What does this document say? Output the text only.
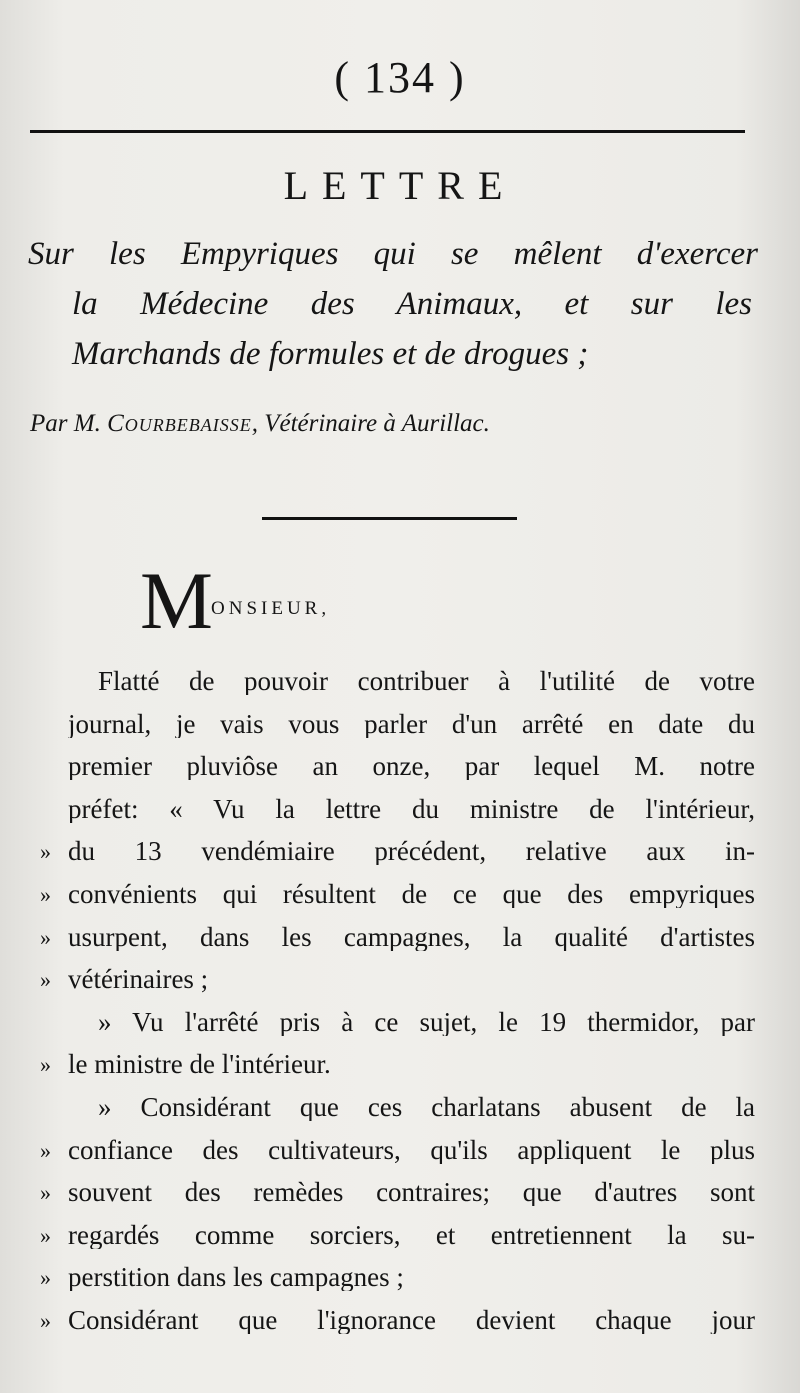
( 134 )
LETTRE
Sur les Empyriques qui se mêlent d'exercer
la Médecine des Animaux, et sur les
Marchands de formules et de drogues ;
Par M. Courbebaisse, Vétérinaire à Aurillac.
M
ONSIEUR,
Flatté de pouvoir contribuer à l'utilité de votre
journal, je vais vous parler d'un arrêté en date du
premier pluviôse an onze, par lequel M. notre
préfet: « Vu la lettre du ministre de l'intérieur,
» du 13 vendémiaire précédent, relative aux in-
» convénients qui résultent de ce que des empyriques
» usurpent, dans les campagnes, la qualité d'artistes
» vétérinaires ;
» Vu l'arrêté pris à ce sujet, le 19 thermidor, par
» le ministre de l'intérieur.
» Considérant que ces charlatans abusent de la
» confiance des cultivateurs, qu'ils appliquent le plus
» souvent des remèdes contraires; que d'autres sont
» regardés comme sorciers, et entretiennent la su-
» perstition dans les campagnes ;
» Considérant que l'ignorance devient chaque jour
